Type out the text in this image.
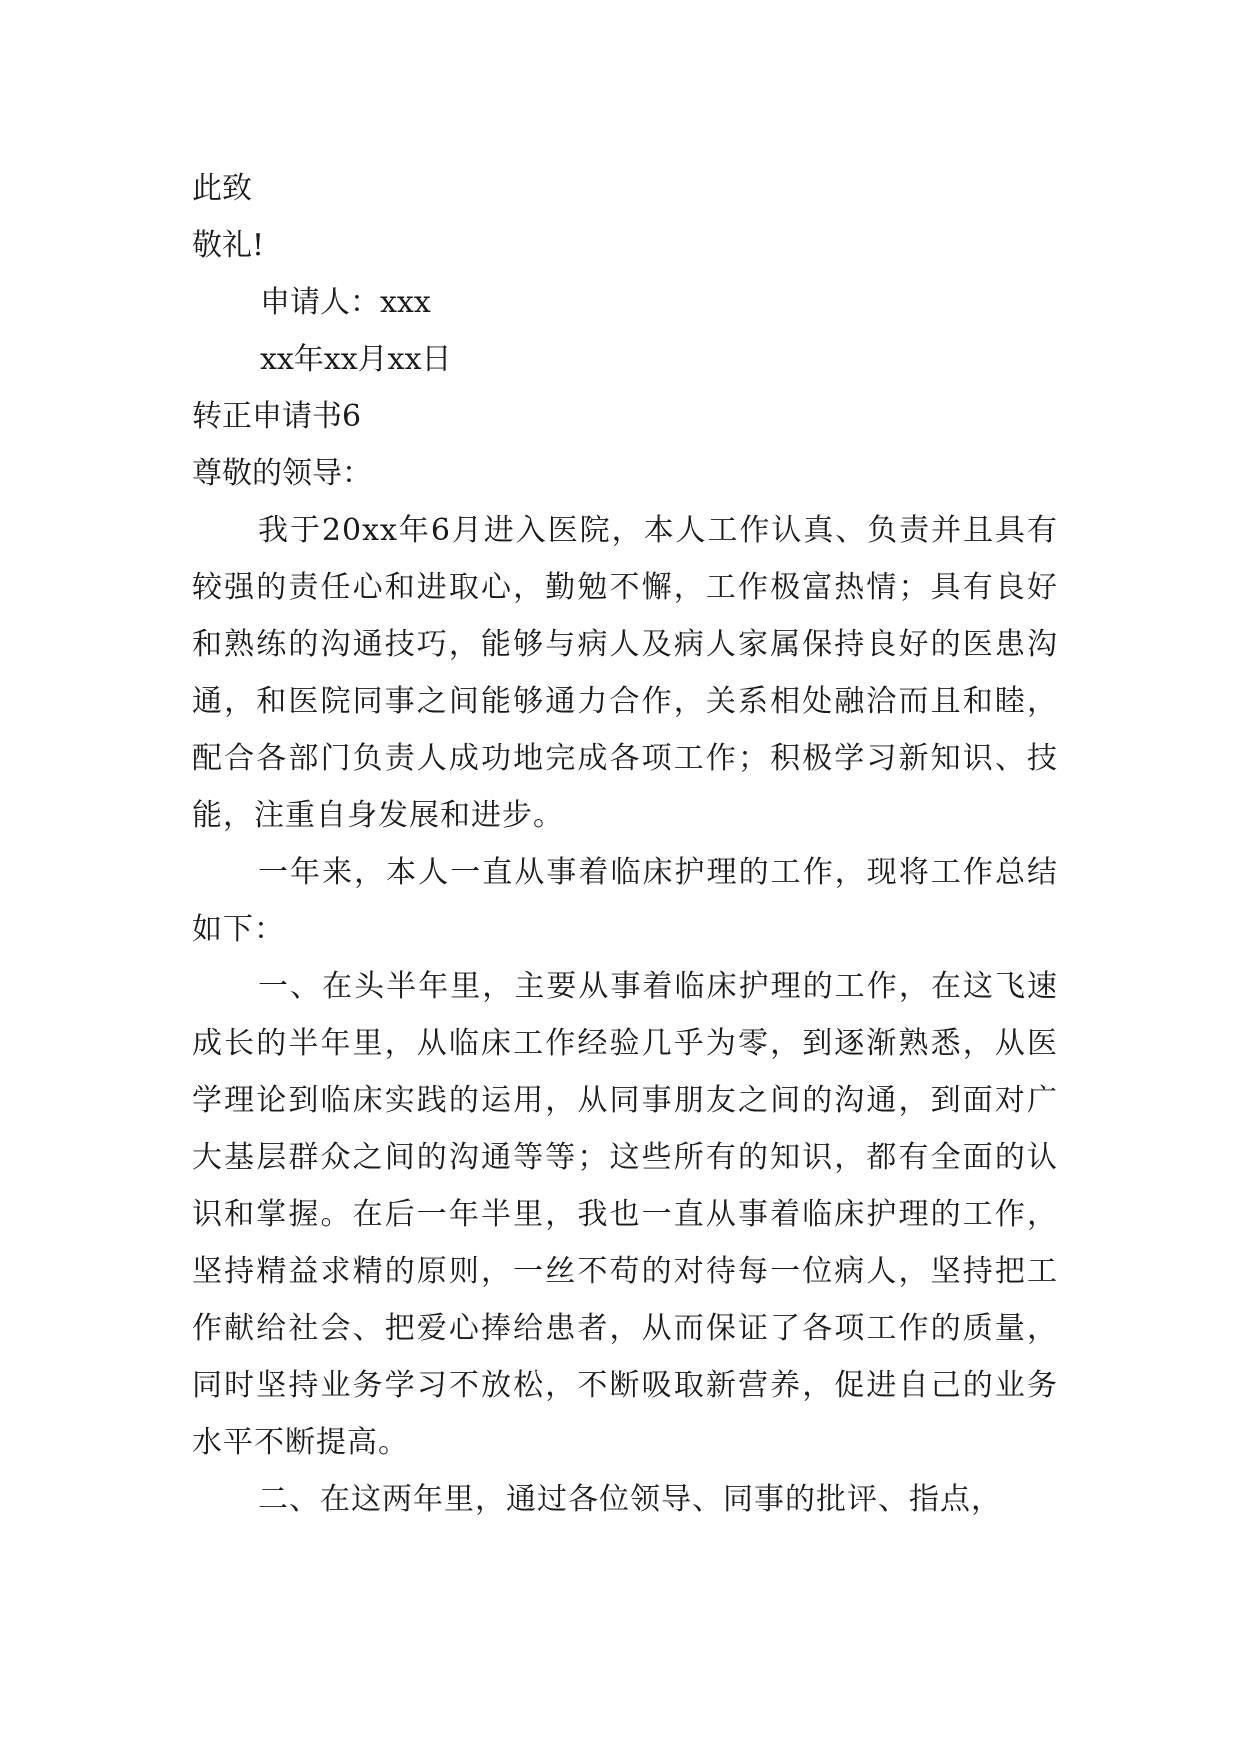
此致

敬礼!

申请人：xxx

xx年xx月xx日

转正申请书6

尊敬的领导：

我于20xx年6月进入医院，本人工作认真、负责并且具有较强的责任心和进取心，勤勉不懈，工作极富热情；具有良好和熟练的沟通技巧，能够与病人及病人家属保持良好的医患沟通，和医院同事之间能够通力合作，关系相处融洽而且和睦，配合各部门负责人成功地完成各项工作；积极学习新知识、技能，注重自身发展和进步。

一年来，本人一直从事着临床护理的工作，现将工作总结如下：

一、在头半年里，主要从事着临床护理的工作，在这飞速成长的半年里，从临床工作经验几乎为零，到逐渐熟悉，从医学理论到临床实践的运用，从同事朋友之间的沟通，到面对广大基层群众之间的沟通等等；这些所有的知识，都有全面的认识和掌握。在后一年半里，我也一直从事着临床护理的工作，坚持精益求精的原则，一丝不苟的对待每一位病人，坚持把工作献给社会、把爱心捧给患者，从而保证了各项工作的质量，同时坚持业务学习不放松，不断吸取新营养，促进自己的业务水平不断提高。

二、在这两年里，通过各位领导、同事的批评、指点，
